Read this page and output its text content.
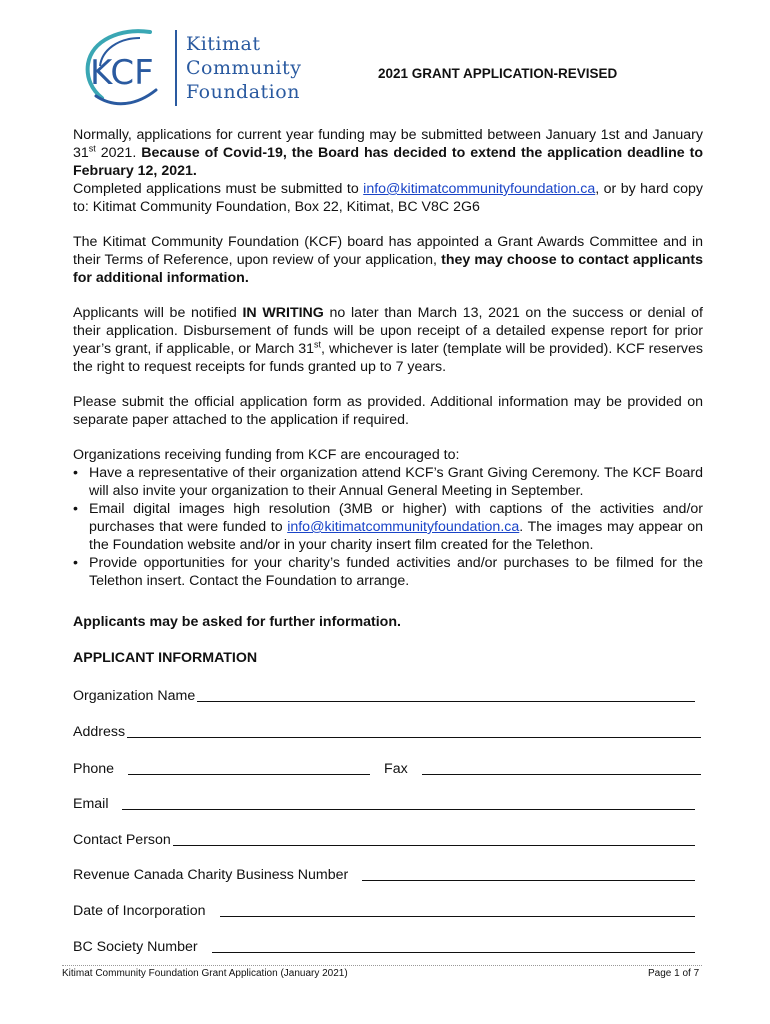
KCF
Kitimat
Community
Foundation
2021 GRANT APPLICATION-REVISED
Normally, applications for current year funding may be submitted between January 1st and January 31st 2021. Because of Covid-19, the Board has decided to extend the application deadline to February 12, 2021.
Completed applications must be submitted to info@kitimatcommunityfoundation.ca, or by hard copy to: Kitimat Community Foundation, Box 22, Kitimat, BC V8C 2G6
The Kitimat Community Foundation (KCF) board has appointed a Grant Awards Committee and in their Terms of Reference, upon review of your application, they may choose to contact applicants for additional information.
Applicants will be notified IN WRITING no later than March 13, 2021 on the success or denial of their application. Disbursement of funds will be upon receipt of a detailed expense report for prior year’s grant, if applicable, or March 31st, whichever is later (template will be provided). KCF reserves the right to request receipts for funds granted up to 7 years.
Please submit the official application form as provided. Additional information may be provided on separate paper attached to the application if required.
Organizations receiving funding from KCF are encouraged to:
• Have a representative of their organization attend KCF’s Grant Giving Ceremony. The KCF Board will also invite your organization to their Annual General Meeting in September.
• Email digital images high resolution (3MB or higher) with captions of the activities and/or purchases that were funded to info@kitimatcommunityfoundation.ca. The images may appear on the Foundation website and/or in your charity insert film created for the Telethon.
• Provide opportunities for your charity’s funded activities and/or purchases to be filmed for the Telethon insert. Contact the Foundation to arrange.
Applicants may be asked for further information.
APPLICANT INFORMATION
Organization Name
Address
Phone	Fax
Email
Contact Person
Revenue Canada Charity Business Number
Date of Incorporation
BC Society Number
Kitimat Community Foundation Grant Application (January 2021)	Page 1 of 7
